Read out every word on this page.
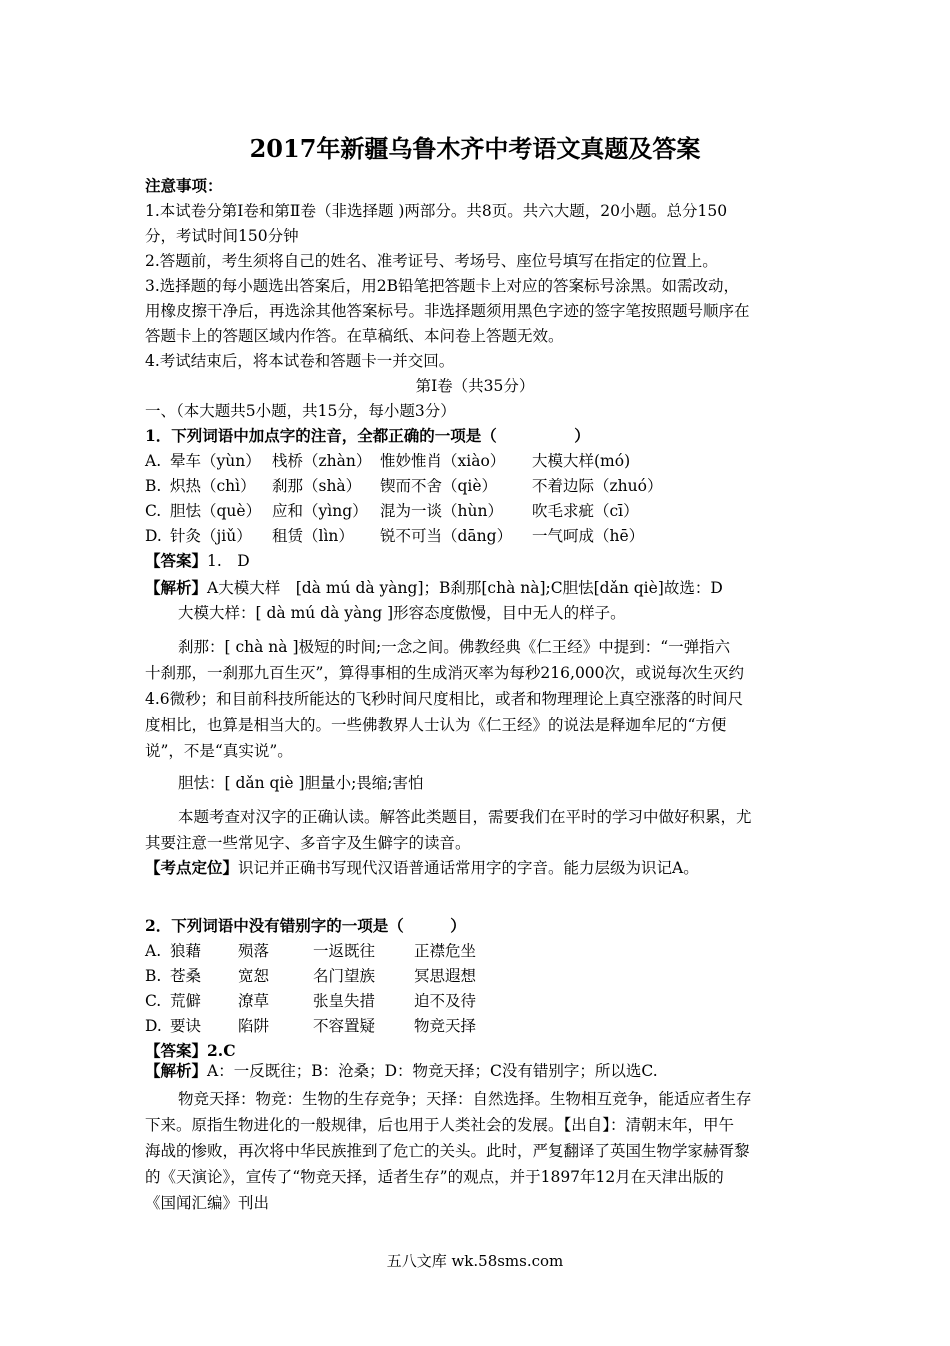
2017年新疆乌鲁木齐中考语文真题及答案
注意事项：
1.本试卷分第Ⅰ卷和第Ⅱ卷（非选择题 )两部分。共8页。共六大题，20小题。总分150
分，考试时间150分钟
2.答题前，考生须将自己的姓名、准考证号、考场号、座位号填写在指定的位置上。
3.选择题的每小题选出答案后，用2B铅笔把答题卡上对应的答案标号涂黑。如需改动，
用橡皮擦干净后，再选涂其他答案标号。非选择题须用黑色字迹的签字笔按照题号顺序在
答题卡上的答题区域内作答。在草稿纸、本问卷上答题无效。
4.考试结束后，将本试卷和答题卡一并交回。
第Ⅰ卷（共35分）
一、（本大题共5小题，共15分，每小题3分）
1．下列词语中加点字的注音，全都正确的一项是（　　　　　）
A. 晕车（yùn） 栈桥（zhàn） 惟妙惟肖（xiào） 大模大样(mó)
B. 炽热（chì） 刹那（shà） 锲而不舍（qiè） 不着边际（zhuó）
C. 胆怯（què） 应和（yìng） 混为一谈（hùn） 吹毛求疵（cī）
D. 针灸（jiǔ） 租赁（lìn） 锐不可当（dāng） 一气呵成（hē）
【答案】1.　D
【解析】A大模大样　[dà mú dà yàng]；B刹那[chà nà];C胆怯[dǎn qiè]故选：D
大模大样：[ dà mú dà yàng ]形容态度傲慢，目中无人的样子。
刹那：[ chà nà ]极短的时间;一念之间。佛教经典《仁王经》中提到：“一弹指六
十刹那，一刹那九百生灭”，算得事相的生成消灭率为每秒216,000次，或说每次生灭约
4.6微秒；和目前科技所能达的飞秒时间尺度相比，或者和物理理论上真空涨落的时间尺
度相比，也算是相当大的。一些佛教界人士认为《仁王经》的说法是释迦牟尼的“方便
说”，不是“真实说”。
胆怯：[ dǎn qiè ]胆量小;畏缩;害怕
本题考查对汉字的正确认读。解答此类题目，需要我们在平时的学习中做好积累，尤
其要注意一些常见字、多音字及生僻字的读音。
【考点定位】识记并正确书写现代汉语普通话常用字的字音。能力层级为识记A。
2．下列词语中没有错别字的一项是（　　　）
A. 狼藉 殒落	一返既往	正襟危坐
B. 苍桑 宽恕	名门望族	冥思遐想
C. 荒僻 潦草	张皇失措	迫不及待
D. 要诀 陷阱	不容置疑	物竞天择
【答案】2.C
【解析】A：一反既往；B：沧桑；D：物竞天择；C没有错别字；所以选C.
物竞天择：物竞：生物的生存竞争；天择：自然选择。生物相互竞争，能适应者生存
下来。原指生物进化的一般规律，后也用于人类社会的发展。【出自】：清朝末年，甲午
海战的惨败，再次将中华民族推到了危亡的关头。此时，严复翻译了英国生物学家赫胥黎
的《天演论》，宣传了“物竞天择，适者生存”的观点，并于1897年12月在天津出版的
《国闻汇编》刊出
五八文库 wk.58sms.com
